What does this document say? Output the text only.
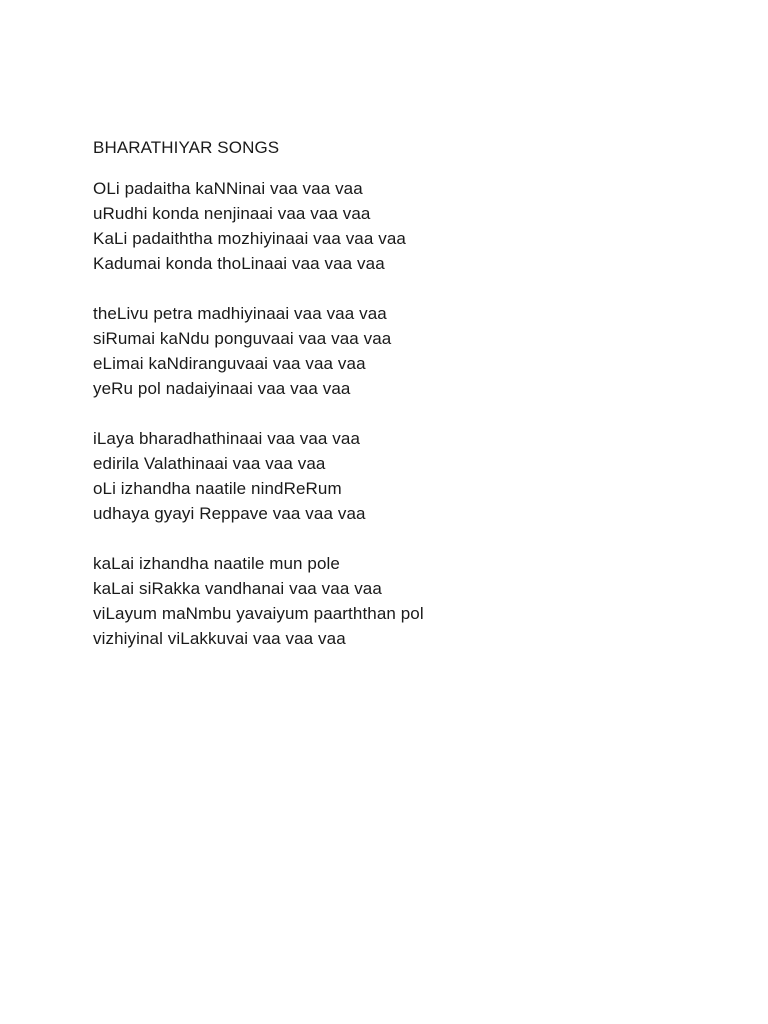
BHARATHIYAR SONGS
OLi padaitha kaNNinai vaa vaa vaa
uRudhi konda nenjinaai vaa vaa vaa
KaLi padaiththa mozhiyinaai vaa vaa vaa
Kadumai konda thoLinaai vaa vaa vaa
theLivu petra madhiyinaai vaa vaa vaa
siRumai kaNdu ponguvaai vaa vaa vaa
eLimai kaNdiranguvaai vaa vaa vaa
yeRu pol nadaiyinaai vaa vaa vaa
iLaya bharadhathinaai vaa vaa vaa
edirila Valathinaai vaa vaa vaa
oLi izhandha naatile nindReRum
udhaya gyayi Reppave vaa vaa vaa
kaLai izhandha naatile mun pole
kaLai siRakka vandhanai vaa vaa vaa
viLayum maNmbu yavaiyum paarththan pol
vizhiyinal viLakkuvai vaa vaa vaa
